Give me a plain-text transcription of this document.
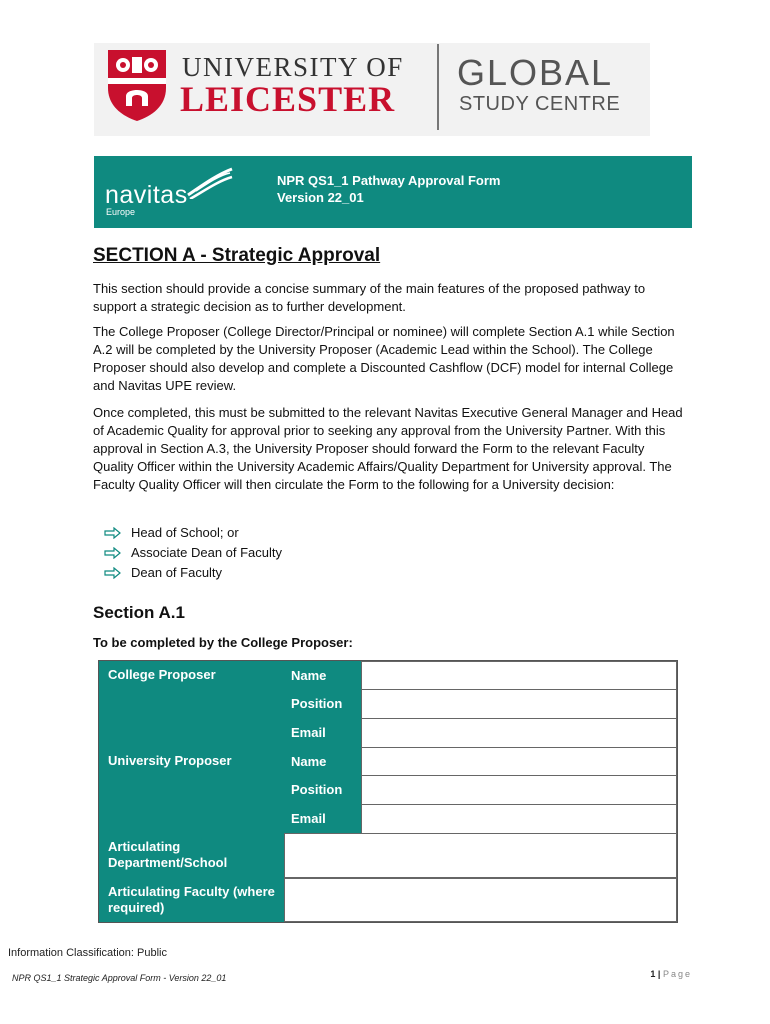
UNIVERSITY OF
LEICESTER
GLOBAL
STUDY CENTRE
navitas
Europe
NPR QS1_1 Pathway Approval Form
Version 22_01
SECTION A - Strategic Approval
This section should provide a concise summary of the main features of the proposed pathway to support a strategic decision as to further development.
The College Proposer (College Director/Principal or nominee) will complete Section A.1 while Section A.2 will be completed by the University Proposer (Academic Lead within the School). The College Proposer should also develop and complete a Discounted Cashflow (DCF) model for internal College and Navitas UPE review.
Once completed, this must be submitted to the relevant Navitas Executive General Manager and Head of Academic Quality for approval prior to seeking any approval from the University Partner. With this approval in Section A.3, the University Proposer should forward the Form to the relevant Faculty Quality Officer within the University Academic Affairs/Quality Department for University approval. The Faculty Quality Officer will then circulate the Form to the following for a University decision:
Head of School; or
Associate Dean of Faculty
Dean of Faculty
Section A.1
To be completed by the College Proposer:
College Proposer	Name
Position
Email
University Proposer	Name
Position
Email
Articulating Department/School
Articulating Faculty (where required)
Information Classification: Public
NPR QS1_1 Strategic Approval Form - Version 22_01	1 | Page
